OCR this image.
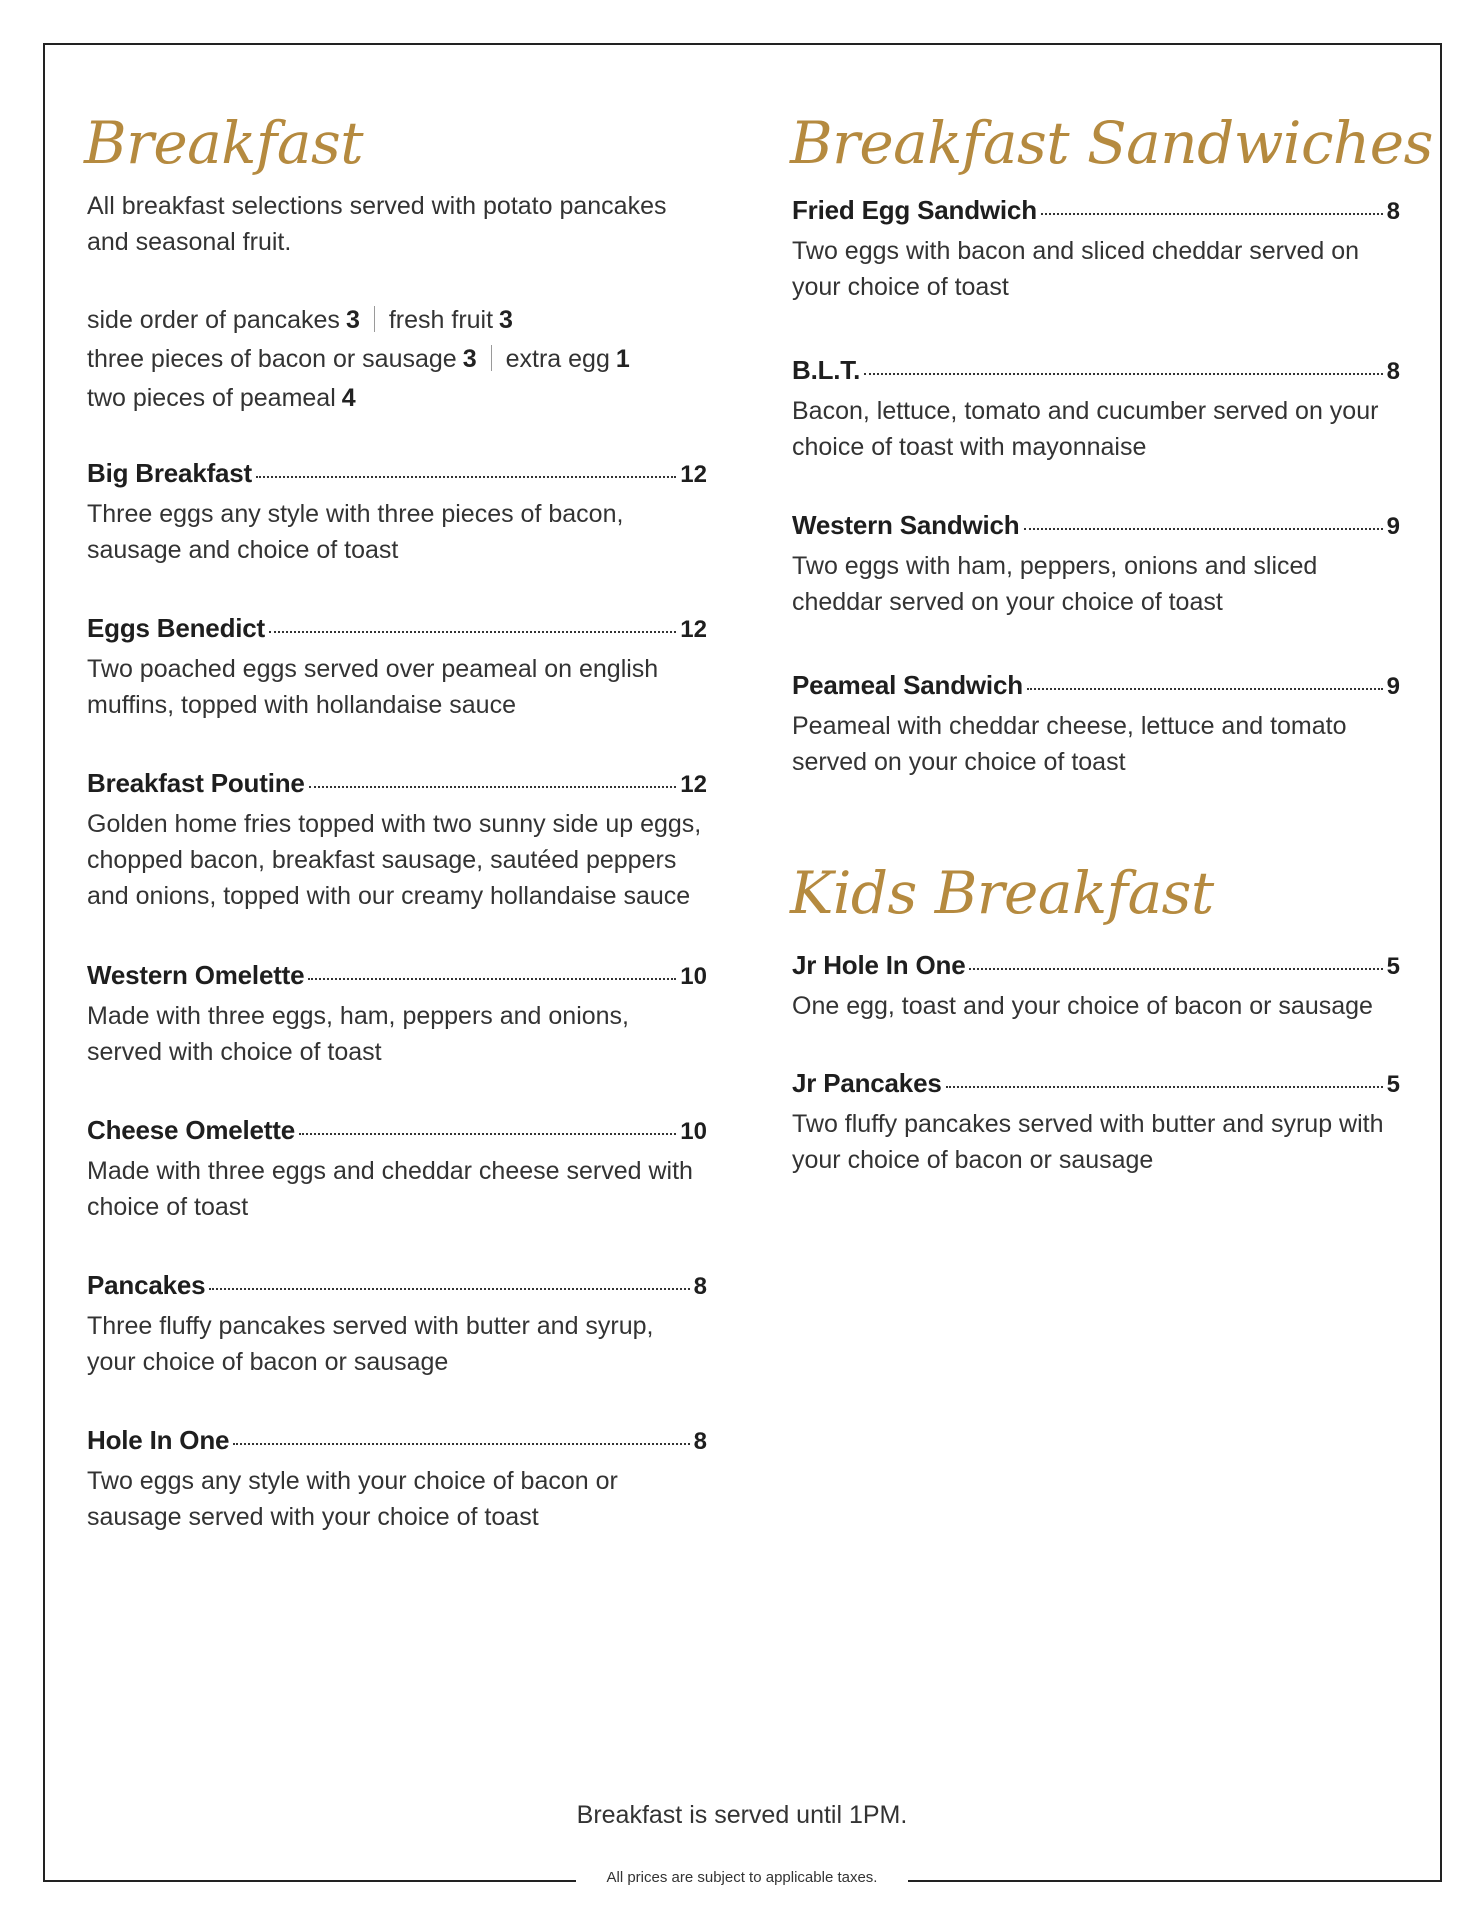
Breakfast
All breakfast selections served with potato pancakes and seasonal fruit.
side order of pancakes 3 fresh fruit 3
three pieces of bacon or sausage 3 extra egg 1
two pieces of peameal 4
Big Breakfast	12
Three eggs any style with three pieces of bacon, sausage and choice of toast
Eggs Benedict	12
Two poached eggs served over peameal on english muffins, topped with hollandaise sauce
Breakfast Poutine	12
Golden home fries topped with two sunny side up eggs, chopped bacon, breakfast sausage, sautéed peppers and onions, topped with our creamy hollandaise sauce
Western Omelette	10
Made with three eggs, ham, peppers and onions, served with choice of toast
Cheese Omelette	10
Made with three eggs and cheddar cheese served with choice of toast
Pancakes	8
Three fluffy pancakes served with butter and syrup, your choice of bacon or sausage
Hole In One	8
Two eggs any style with your choice of bacon or sausage served with your choice of toast
Breakfast Sandwiches
Fried Egg Sandwich	8
Two eggs with bacon and sliced cheddar served on your choice of toast
B.L.T.	8
Bacon, lettuce, tomato and cucumber served on your choice of toast with mayonnaise
Western Sandwich	9
Two eggs with ham, peppers, onions and sliced cheddar served on your choice of toast
Peameal Sandwich	9
Peameal with cheddar cheese, lettuce and tomato served on your choice of toast
Kids Breakfast
Jr Hole In One	5
One egg, toast and your choice of bacon or sausage
Jr Pancakes	5
Two fluffy pancakes served with butter and syrup with your choice of bacon or sausage
Breakfast is served until 1PM.
All prices are subject to applicable taxes.
